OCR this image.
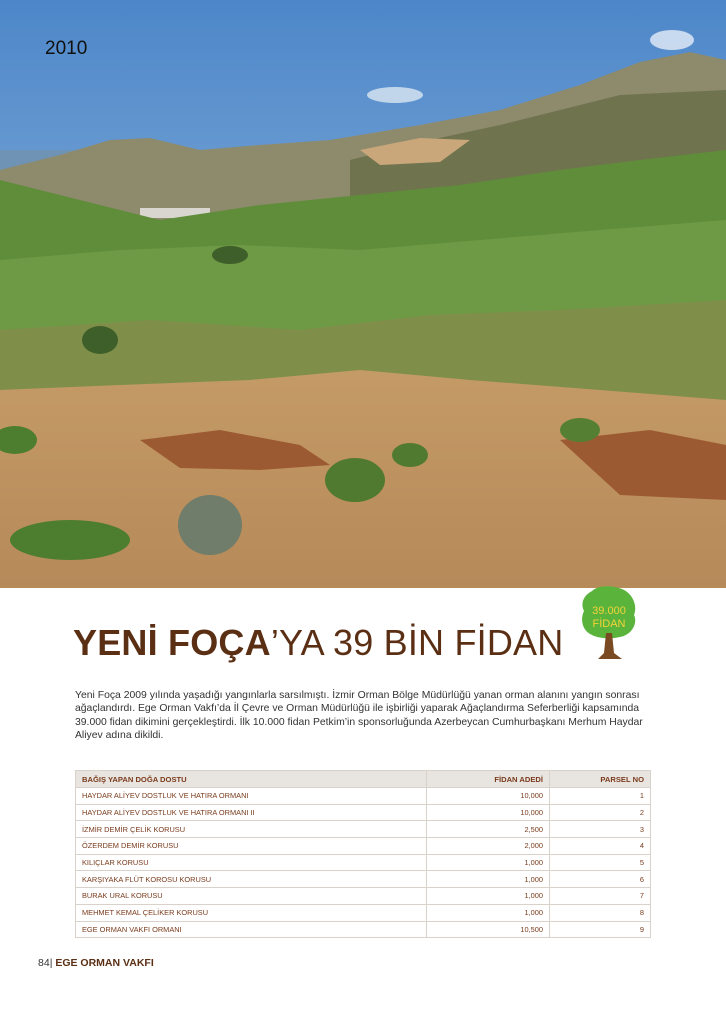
2010
39.000
FİDAN
YENİ FOÇA’YA 39 BİN FİDAN
Yeni Foça 2009 yılında yaşadığı yangınlarla sarsılmıştı. İzmir Orman Bölge Müdürlüğü yanan orman alanını yangın sonrası ağaçlandırdı. Ege Orman Vakfı’da İl Çevre ve Orman Müdürlüğü ile işbirliği yaparak Ağaçlandırma Seferberliği kapsamında 39.000 fidan dikimini gerçekleştirdi. İlk 10.000 fidan Petkim’in sponsorluğunda Azerbeycan Cumhurbaşkanı Merhum Haydar Aliyev adına dikildi.
BAĞIŞ YAPAN DOĞA DOSTU	FİDAN ADEDİ	PARSEL NO
HAYDAR ALİYEV DOSTLUK VE HATIRA ORMANI	10,000	1
HAYDAR ALİYEV DOSTLUK VE HATIRA ORMANI II	10,000	2
İZMİR DEMİR ÇELİK KORUSU	2,500	3
ÖZERDEM DEMİR KORUSU	2,000	4
KILIÇLAR KORUSU	1,000	5
KARŞIYAKA FLÜT KOROSU KORUSU	1,000	6
BURAK URAL KORUSU	1,000	7
MEHMET KEMAL ÇELİKER KORUSU	1,000	8
EGE ORMAN VAKFI ORMANI	10,500	9
84| EGE ORMAN VAKFI
